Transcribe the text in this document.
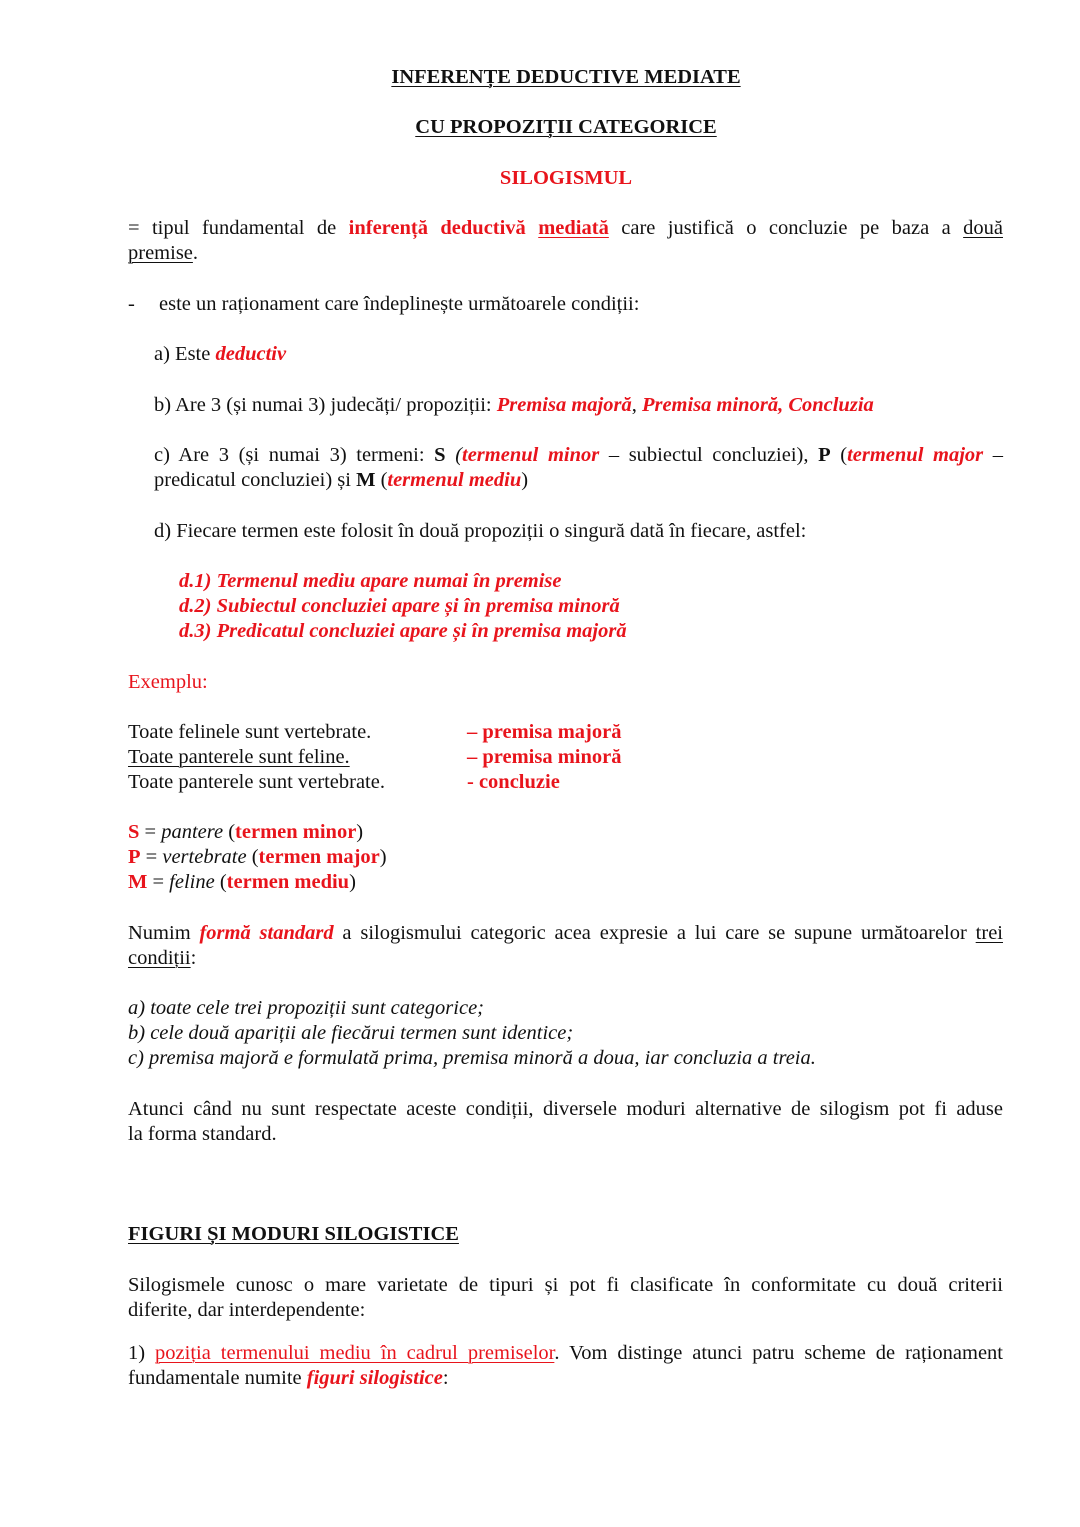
INFERENȚE DEDUCTIVE MEDIATE
CU PROPOZIȚII CATEGORICE
SILOGISMUL
= tipul fundamental de inferență deductivă mediată care justifică o concluzie pe baza a două
premise.
- este un raționament care îndeplinește următoarele condiții:
a) Este deductiv
b) Are 3 (și numai 3) judecăți/ propoziții: Premisa majoră, Premisa minoră, Concluzia
c) Are 3 (și numai 3) termeni: S (termenul minor – subiectul concluziei), P (termenul major –
predicatul concluziei) și M (termenul mediu)
d) Fiecare termen este folosit în două propoziții o singură dată în fiecare, astfel:
d.1) Termenul mediu apare numai în premise
d.2) Subiectul concluziei apare și în premisa minoră
d.3) Predicatul concluziei apare și în premisa majoră
Exemplu:
Toate felinele sunt vertebrate.	– premisa majoră
Toate panterele sunt feline.	– premisa minoră
Toate panterele sunt vertebrate.	- concluzie
S = pantere (termen minor)
P = vertebrate (termen major)
M = feline (termen mediu)
Numim formă standard a silogismului categoric acea expresie a lui care se supune următoarelor trei
condiții:
a) toate cele trei propoziții sunt categorice;
b) cele două apariții ale fiecărui termen sunt identice;
c) premisa majoră e formulată prima, premisa minoră a doua, iar concluzia a treia.
Atunci când nu sunt respectate aceste condiții, diversele moduri alternative de silogism pot fi aduse
la forma standard.
FIGURI ȘI MODURI SILOGISTICE
Silogismele cunosc o mare varietate de tipuri și pot fi clasificate în conformitate cu două criterii
diferite, dar interdependente:
1) poziția termenului mediu în cadrul premiselor. Vom distinge atunci patru scheme de raționament
fundamentale numite figuri silogistice:
